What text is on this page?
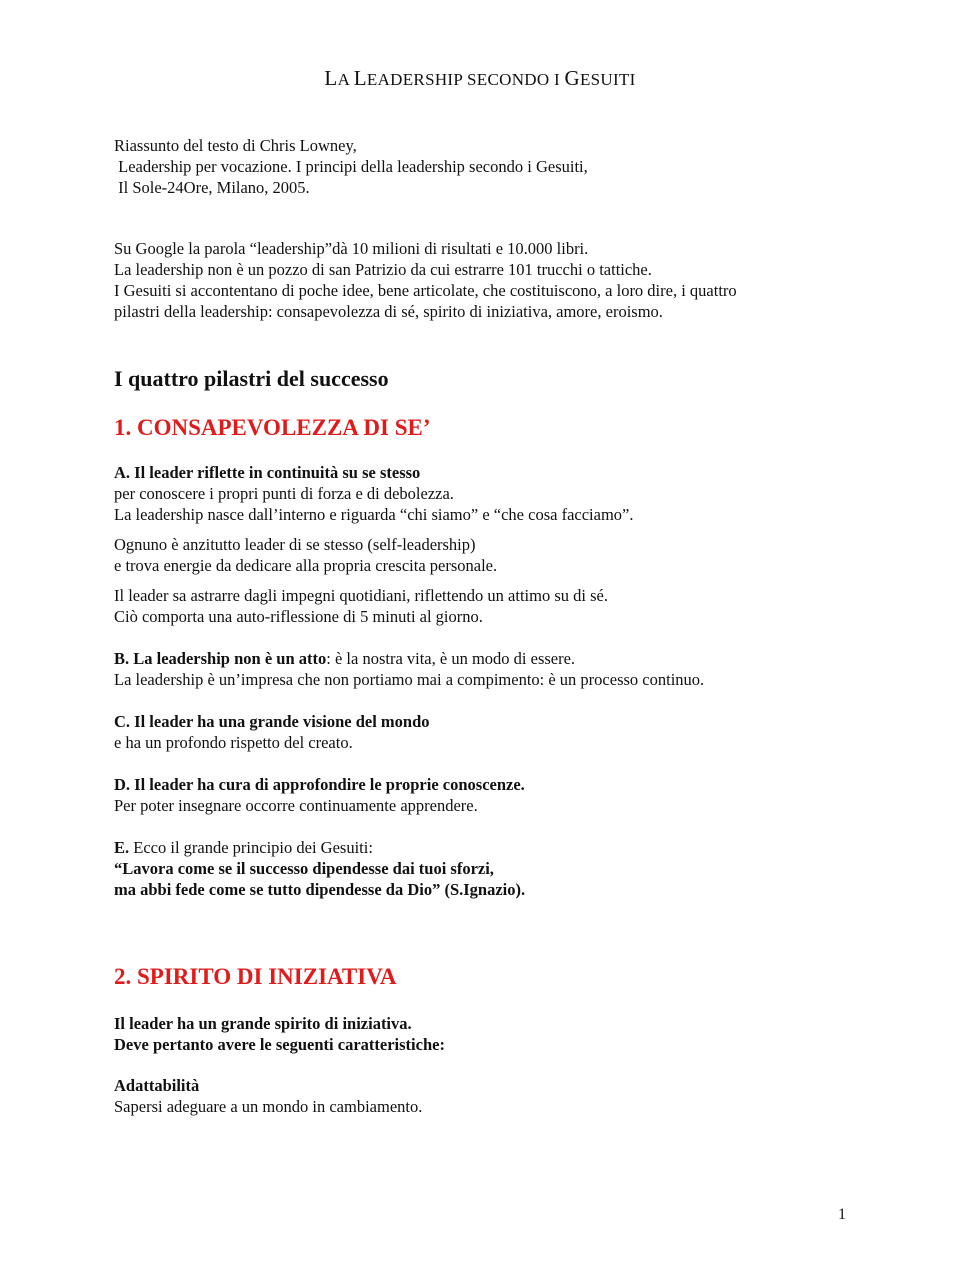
LA LEADERSHIP SECONDO I GESUITI

Riassunto del testo di Chris Lowney,

Leadership per vocazione. I principi della leadership secondo i Gesuiti,

Il Sole-24Ore, Milano, 2005.

Su Google la parola “leadership”dà 10 milioni di risultati e 10.000 libri.

La leadership non è un pozzo di san Patrizio da cui estrarre 101 trucchi o tattiche.

I Gesuiti si accontentano di poche idee, bene articolate, che costituiscono, a loro dire, i quattro

pilastri della leadership: consapevolezza di sé, spirito di iniziativa, amore, eroismo.

I quattro pilastri del successo
1. CONSAPEVOLEZZA DI SE’

A. Il leader riflette in continuità su se stesso

per conoscere i propri punti di forza e di debolezza.

La leadership nasce dall’interno e riguarda “chi siamo” e “che cosa facciamo”.

Ognuno è anzitutto leader di se stesso (self-leadership)

e trova energie da dedicare alla propria crescita personale.

Il leader sa astrarre dagli impegni quotidiani, riflettendo un attimo su di sé.

Ciò comporta una auto-riflessione di 5 minuti al giorno.

B. La leadership non è un atto: è la nostra vita, è un modo di essere.

La leadership è un’impresa che non portiamo mai a compimento: è un processo continuo.

C. Il leader ha una grande visione del mondo

e ha un profondo rispetto del creato.

D. Il leader ha cura di approfondire le proprie conoscenze.

Per poter insegnare occorre continuamente apprendere.

E. Ecco il grande principio dei Gesuiti:

“Lavora come se il successo dipendesse dai tuoi sforzi,

ma abbi fede come se tutto dipendesse da Dio” (S.Ignazio).

2. SPIRITO DI INIZIATIVA

Il leader ha un grande spirito di iniziativa.

Deve pertanto avere le seguenti caratteristiche:

Adattabilità

Sapersi adeguare a un mondo in cambiamento.

1
